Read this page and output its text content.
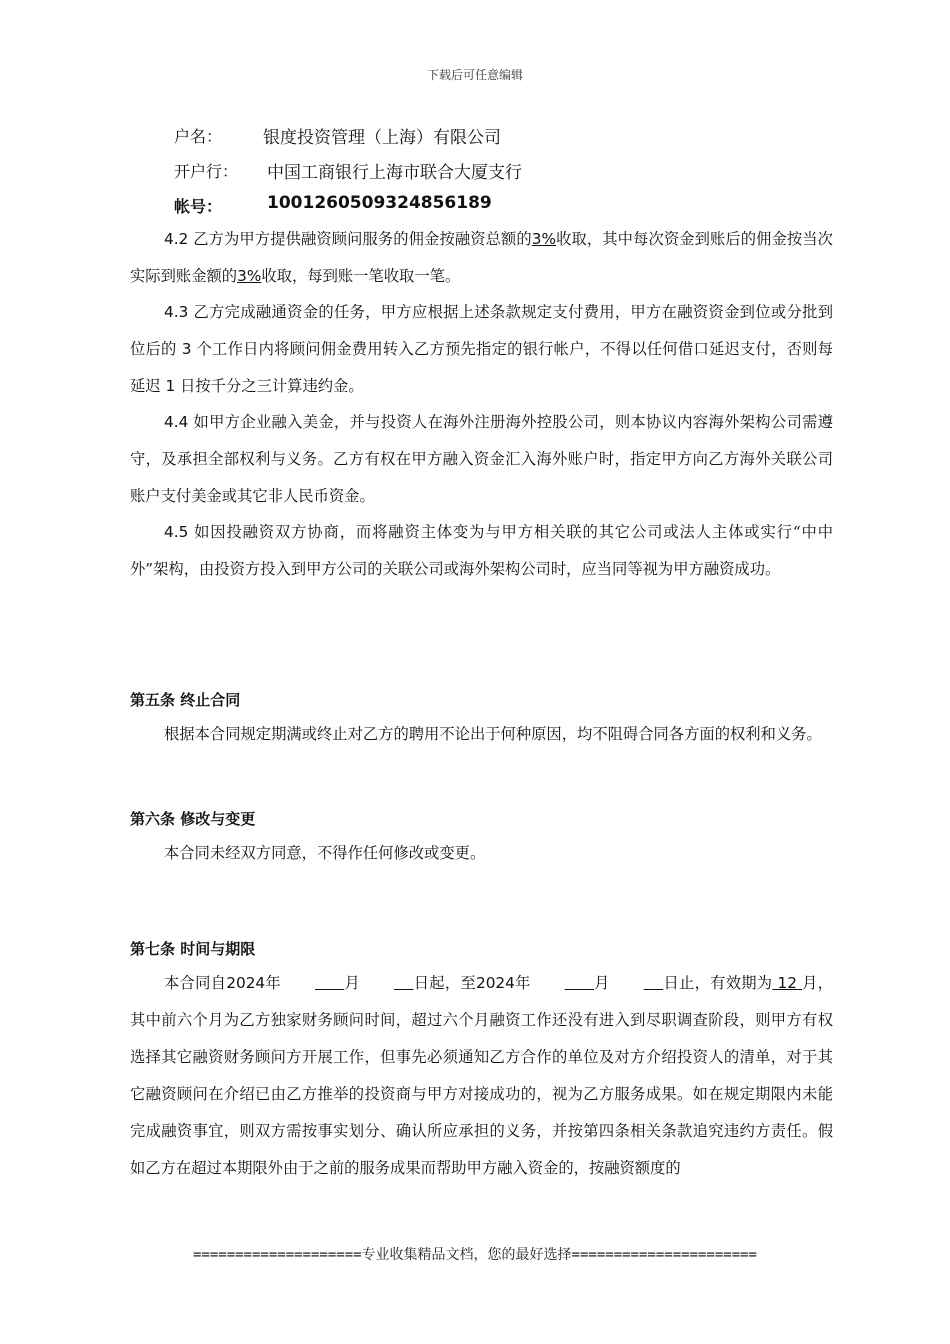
下载后可任意编辑
户名： 银度投资管理（上海）有限公司
开户行： 中国工商银行上海市联合大厦支行
帐号：	1001260509324856189
4.2 乙方为甲方提供融资顾问服务的佣金按融资总额的3%收取，其中每次资金到账后的佣金按当次实际到账金额的3%收取，每到账一笔收取一笔。
4.3 乙方完成融通资金的任务，甲方应根据上述条款规定支付费用，甲方在融资资金到位或分批到位后的 3 个工作日内将顾问佣金费用转入乙方预先指定的银行帐户，不得以任何借口延迟支付，否则每延迟 1 日按千分之三计算违约金。
4.4 如甲方企业融入美金，并与投资人在海外注册海外控股公司，则本协议内容海外架构公司需遵守，及承担全部权利与义务。乙方有权在甲方融入资金汇入海外账户时，指定甲方向乙方海外关联公司账户支付美金或其它非人民币资金。
4.5 如因投融资双方协商，而将融资主体变为与甲方相关联的其它公司或法人主体或实行“中中外”架构，由投资方投入到甲方公司的关联公司或海外架构公司时，应当同等视为甲方融资成功。
第五条 终止合同
根据本合同规定期满或终止对乙方的聘用不论出于何种原因，均不阻碍合同各方面的权利和义务。
第六条 修改与变更
本合同未经双方同意，不得作任何修改或变更。
第七条 时间与期限
本合同自2024年	月	日起，至2024年	月	日止，有效期为 12 月，其中前六个月为乙方独家财务顾问时间，超过六个月融资工作还没有进入到尽职调查阶段，则甲方有权选择其它融资财务顾问方开展工作，但事先必须通知乙方合作的单位及对方介绍投资人的清单，对于其它融资顾问在介绍已由乙方推举的投资商与甲方对接成功的，视为乙方服务成果。如在规定期限内未能完成融资事宜，则双方需按事实划分、确认所应承担的义务，并按第四条相关条款追究违约方责任。假如乙方在超过本期限外由于之前的服务成果而帮助甲方融入资金的，按融资额度的
====================专业收集精品文档，您的最好选择======================
